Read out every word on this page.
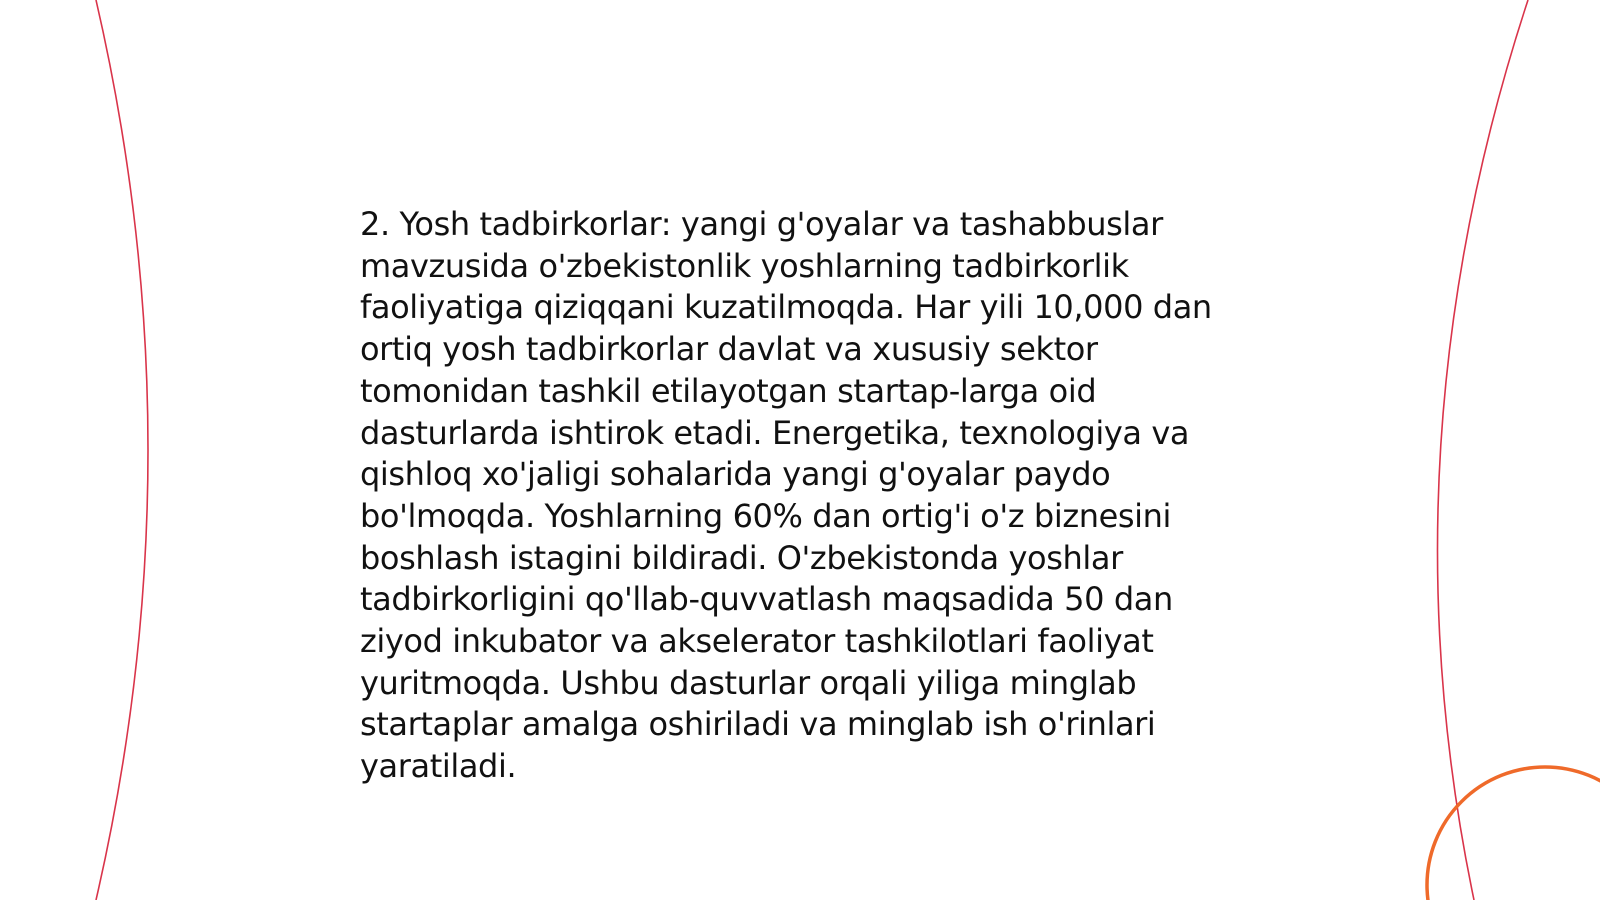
2. Yosh tadbirkorlar: yangi g'oyalar va tashabbuslar
mavzusida o'zbekistonlik yoshlarning tadbirkorlik
faoliyatiga qiziqqani kuzatilmoqda. Har yili 10,000 dan
ortiq yosh tadbirkorlar davlat va xususiy sektor
tomonidan tashkil etilayotgan startap-larga oid
dasturlarda ishtirok etadi. Energetika, texnologiya va
qishloq xo'jaligi sohalarida yangi g'oyalar paydo
bo'lmoqda. Yoshlarning 60% dan ortig'i o'z biznesini
boshlash istagini bildiradi. O'zbekistonda yoshlar
tadbirkorligini qo'llab-quvvatlash maqsadida 50 dan
ziyod inkubator va akselerator tashkilotlari faoliyat
yuritmoqda. Ushbu dasturlar orqali yiliga minglab
startaplar amalga oshiriladi va minglab ish o'rinlari
yaratiladi.
